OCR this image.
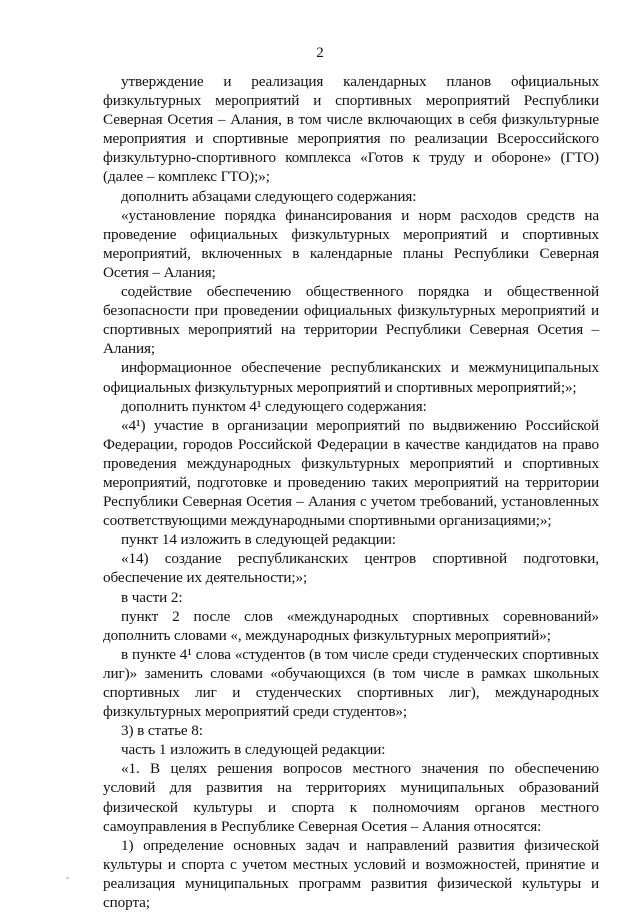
2

утверждение и реализация календарных планов официальных физкультурных мероприятий и спортивных мероприятий Республики Северная Осетия – Алания, в том числе включающих в себя физкультурные мероприятия и спортивные мероприятия по реализации Всероссийского физкультурно-спортивного комплекса «Готов к труду и обороне» (ГТО) (далее – комплекс ГТО);»;

дополнить абзацами следующего содержания:

«установление порядка финансирования и норм расходов средств на проведение официальных физкультурных мероприятий и спортивных мероприятий, включенных в календарные планы Республики Северная Осетия – Алания;

содействие обеспечению общественного порядка и общественной безопасности при проведении официальных физкультурных мероприятий и спортивных мероприятий на территории Республики Северная Осетия – Алания;

информационное обеспечение республиканских и межмуниципальных официальных физкультурных мероприятий и спортивных мероприятий;»;

дополнить пунктом 4¹ следующего содержания:

«4¹) участие в организации мероприятий по выдвижению Российской Федерации, городов Российской Федерации в качестве кандидатов на право проведения международных физкультурных мероприятий и спортивных мероприятий, подготовке и проведению таких мероприятий на территории Республики Северная Осетия – Алания с учетом требований, установленных соответствующими международными спортивными организациями;»;

пункт 14 изложить в следующей редакции:

«14) создание республиканских центров спортивной подготовки, обеспечение их деятельности;»;

в части 2:

пункт 2 после слов «международных спортивных соревнований» дополнить словами «, международных физкультурных мероприятий»;

в пункте 4¹ слова «студентов (в том числе среди студенческих спортивных лиг)» заменить словами «обучающихся (в том числе в рамках школьных спортивных лиг и студенческих спортивных лиг), международных физкультурных мероприятий среди студентов»;

3) в статье 8:

часть 1 изложить в следующей редакции:

«1. В целях решения вопросов местного значения по обеспечению условий для развития на территориях муниципальных образований физической культуры и спорта к полномочиям органов местного самоуправления в Республике Северная Осетия – Алания относятся:

1) определение основных задач и направлений развития физической культуры и спорта с учетом местных условий и возможностей, принятие и реализация муниципальных программ развития физической культуры и спорта;
